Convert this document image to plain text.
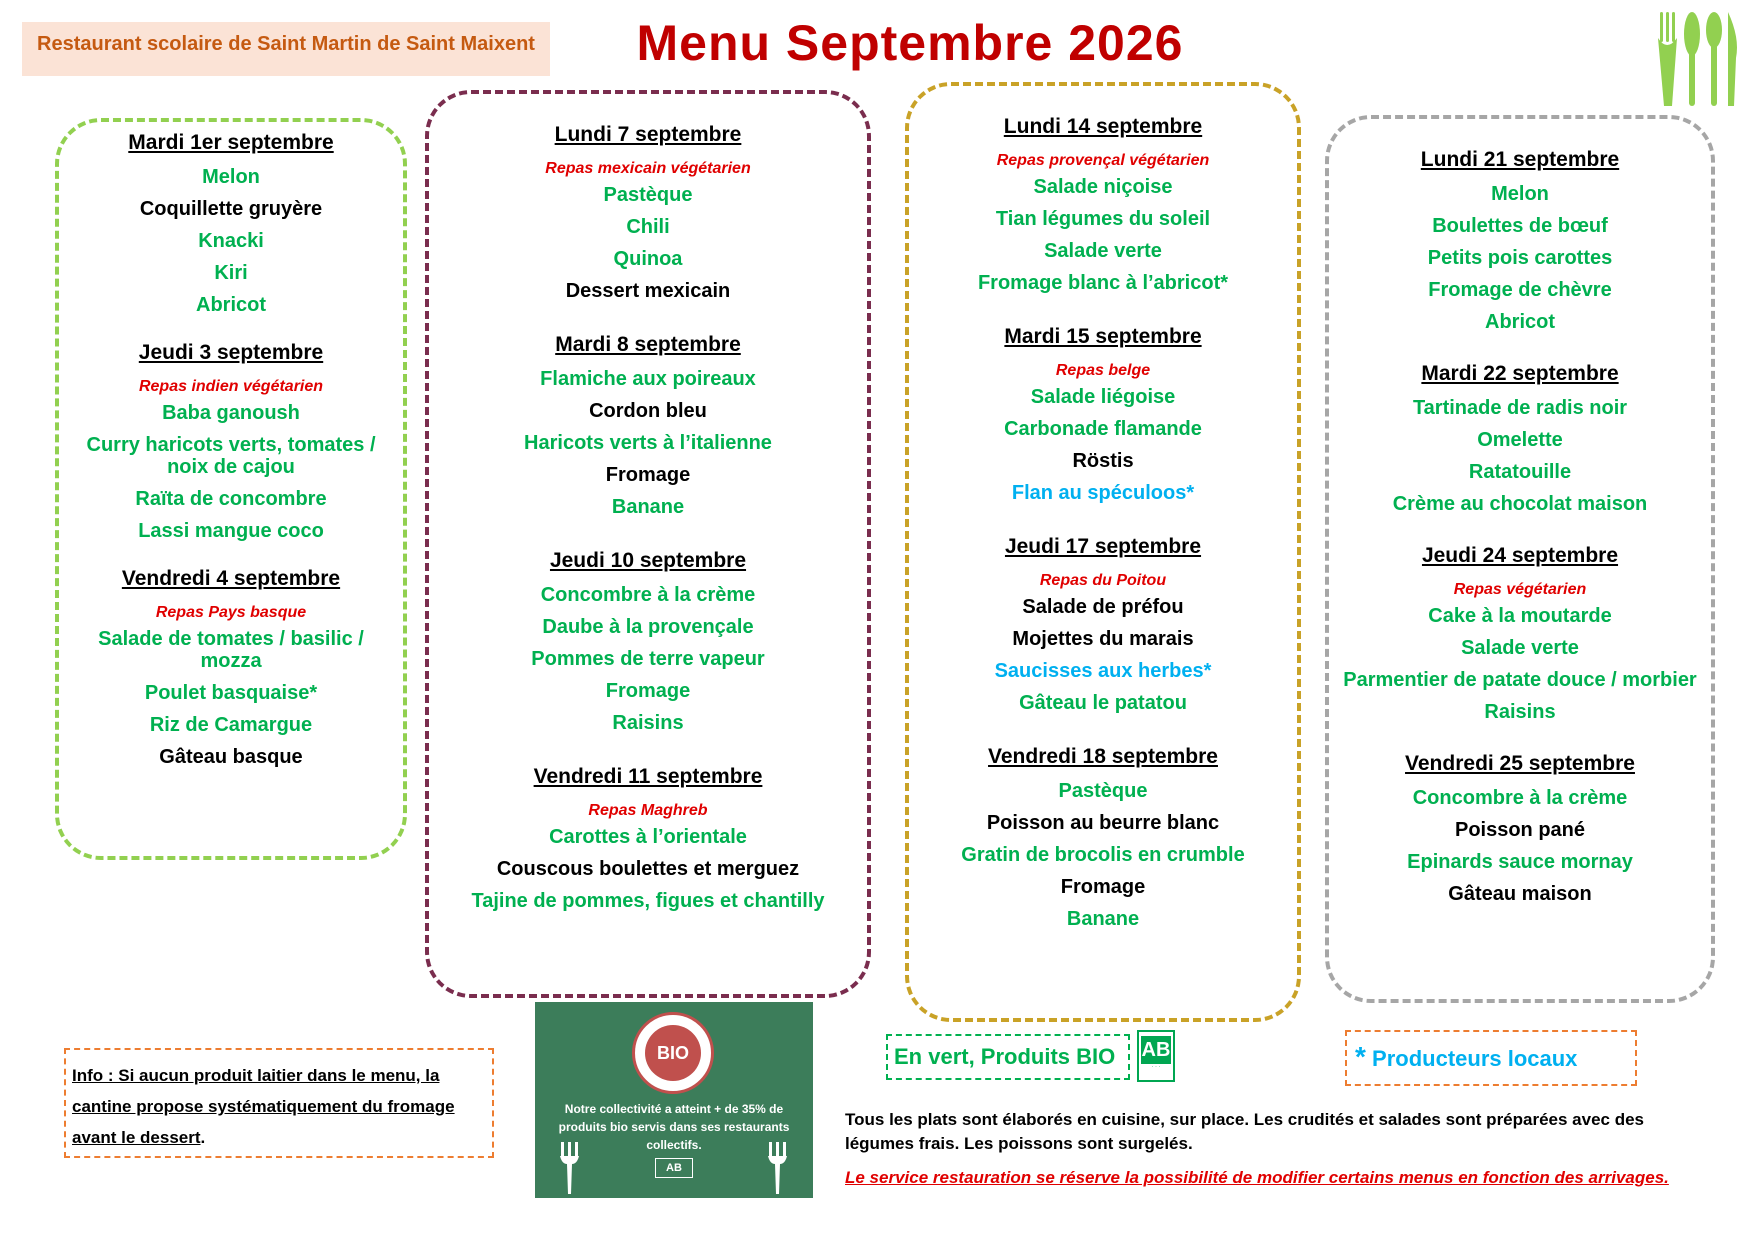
Restaurant scolaire de Saint Martin de Saint Maixent	Menu Septembre 2026
Mardi 1er septembre
Melon
Coquillette gruyère
Knacki
Kiri
Abricot
Jeudi 3 septembre
Repas indien végétarien
Baba ganoush
Curry haricots verts, tomates / noix de cajou
Raïta de concombre
Lassi mangue coco
Vendredi 4 septembre
Repas Pays basque
Salade de tomates / basilic / mozza
Poulet basquaise*
Riz de Camargue
Gâteau basque
Lundi 7 septembre
Repas mexicain végétarien
Pastèque
Chili
Quinoa
Dessert mexicain
Mardi 8 septembre
Flamiche aux poireaux
Cordon bleu
Haricots verts à l’italienne
Fromage
Banane
Jeudi 10 septembre
Concombre à la crème
Daube à la provençale
Pommes de terre vapeur
Fromage
Raisins
Vendredi 11 septembre
Repas Maghreb
Carottes à l’orientale
Couscous boulettes et merguez
Tajine de pommes, figues et chantilly
Lundi 14 septembre
Repas provençal végétarien
Salade niçoise
Tian légumes du soleil
Salade verte
Fromage blanc à l’abricot*
Mardi 15 septembre
Repas belge
Salade liégoise
Carbonade flamande
Röstis
Flan au spéculoos*
Jeudi 17 septembre
Repas du Poitou
Salade de préfou
Mojettes du marais
Saucisses aux herbes*
Gâteau le patatou
Vendredi 18 septembre
Pastèque
Poisson au beurre blanc
Gratin de brocolis en crumble
Fromage
Banane
Lundi 21 septembre
Melon
Boulettes de bœuf
Petits pois carottes
Fromage de chèvre
Abricot
Mardi 22 septembre
Tartinade de radis noir
Omelette
Ratatouille
Crème au chocolat maison
Jeudi 24 septembre
Repas végétarien
Cake à la moutarde
Salade verte
Parmentier de patate douce / morbier
Raisins
Vendredi 25 septembre
Concombre à la crème
Poisson pané
Epinards sauce mornay
Gâteau maison
Info : Si aucun produit laitier dans le menu, la cantine propose systématiquement du fromage avant le dessert.
BIO
Notre collectivité a atteint + de 35% de produits bio servis dans ses restaurants collectifs.
AB
En vert, Produits BIO	AB
· · ·	* Producteurs locaux
Tous les plats sont élaborés en cuisine, sur place. Les crudités et salades sont préparées avec des légumes frais. Les poissons sont surgelés.
Le service restauration se réserve la possibilité de modifier certains menus en fonction des arrivages.
